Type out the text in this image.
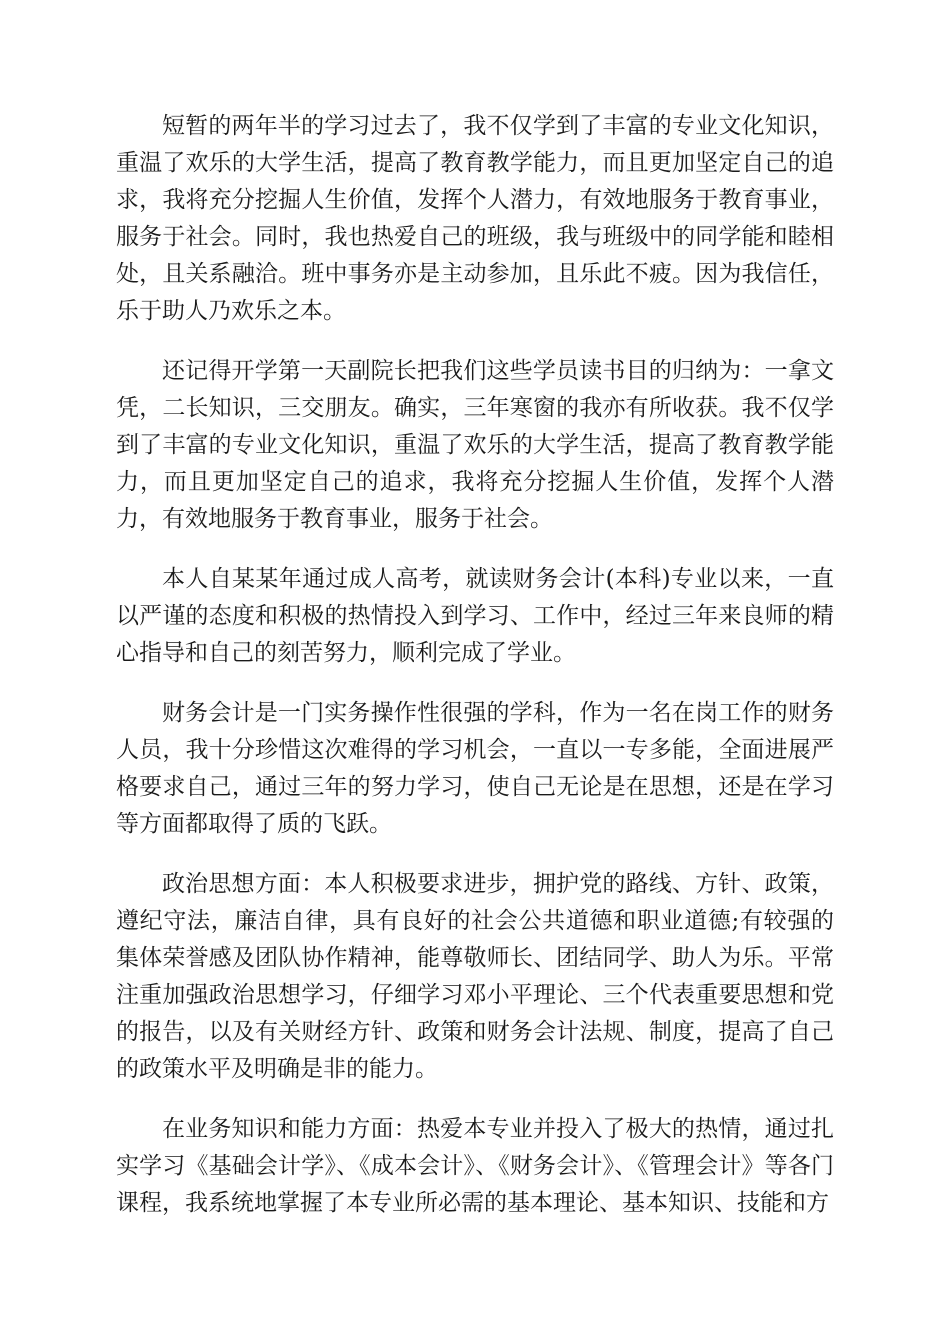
短暂的两年半的学习过去了，我不仅学到了丰富的专业文化知识，重温了欢乐的大学生活，提高了教育教学能力，而且更加坚定自己的追求，我将充分挖掘人生价值，发挥个人潜力，有效地服务于教育事业，服务于社会。同时，我也热爱自己的班级，我与班级中的同学能和睦相处，且关系融洽。班中事务亦是主动参加，且乐此不疲。因为我信任，乐于助人乃欢乐之本。

还记得开学第一天副院长把我们这些学员读书目的归纳为：一拿文凭，二长知识，三交朋友。确实，三年寒窗的我亦有所收获。我不仅学到了丰富的专业文化知识，重温了欢乐的大学生活，提高了教育教学能力，而且更加坚定自己的追求，我将充分挖掘人生价值，发挥个人潜力，有效地服务于教育事业，服务于社会。

本人自某某年通过成人高考，就读财务会计(本科)专业以来，一直以严谨的态度和积极的热情投入到学习、工作中，经过三年来良师的精心指导和自己的刻苦努力，顺利完成了学业。

财务会计是一门实务操作性很强的学科，作为一名在岗工作的财务人员，我十分珍惜这次难得的学习机会，一直以一专多能，全面进展严格要求自己，通过三年的努力学习，使自己无论是在思想，还是在学习等方面都取得了质的飞跃。

政治思想方面：本人积极要求进步，拥护党的路线、方针、政策，遵纪守法，廉洁自律，具有良好的社会公共道德和职业道德;有较强的集体荣誉感及团队协作精神，能尊敬师长、团结同学、助人为乐。平常注重加强政治思想学习，仔细学习邓小平理论、三个代表重要思想和党的报告，以及有关财经方针、政策和财务会计法规、制度，提高了自己的政策水平及明确是非的能力。

在业务知识和能力方面：热爱本专业并投入了极大的热情，通过扎实学习《基础会计学》、《成本会计》、《财务会计》、《管理会计》等各门课程，我系统地掌握了本专业所必需的基本理论、基本知识、技能和方
